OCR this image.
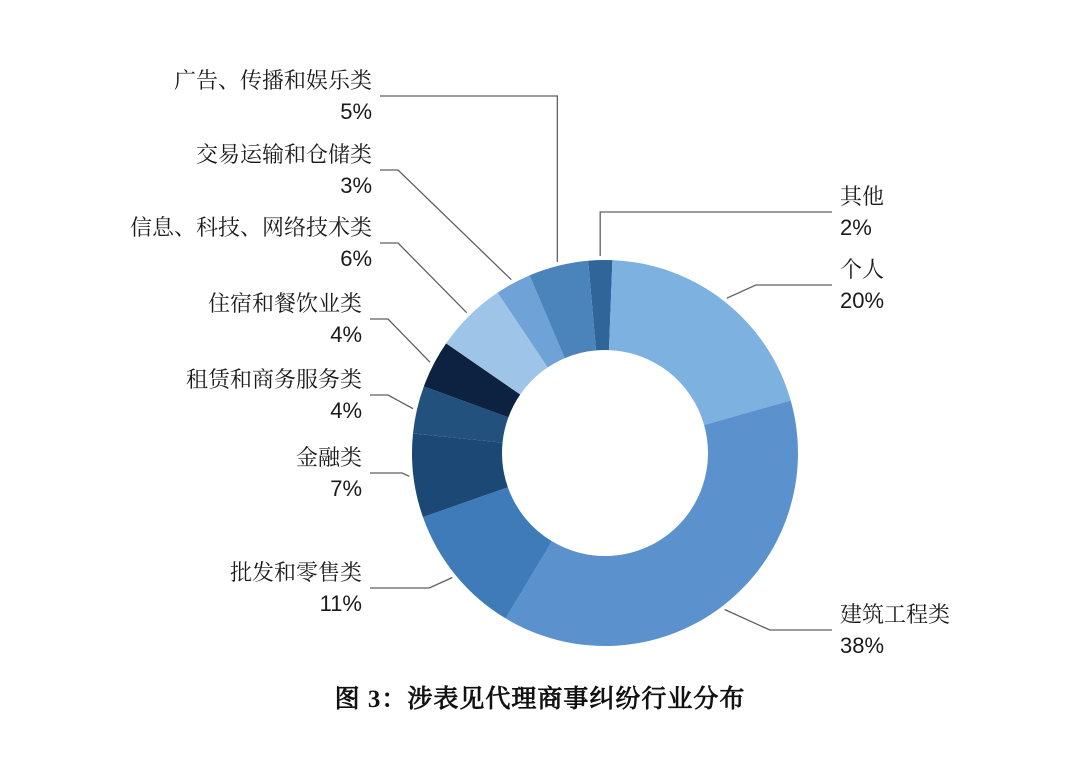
其他
2%
个人
20%
建筑工程类
38%
批发和零售类
11%
金融类
7%
租赁和商务服务类
4%
住宿和餐饮业类
4%
信息、科技、网络技术类
6%
交易运输和仓储类
3%
广告、传播和娱乐类
5%
图 3：涉表见代理商事纠纷行业分布
